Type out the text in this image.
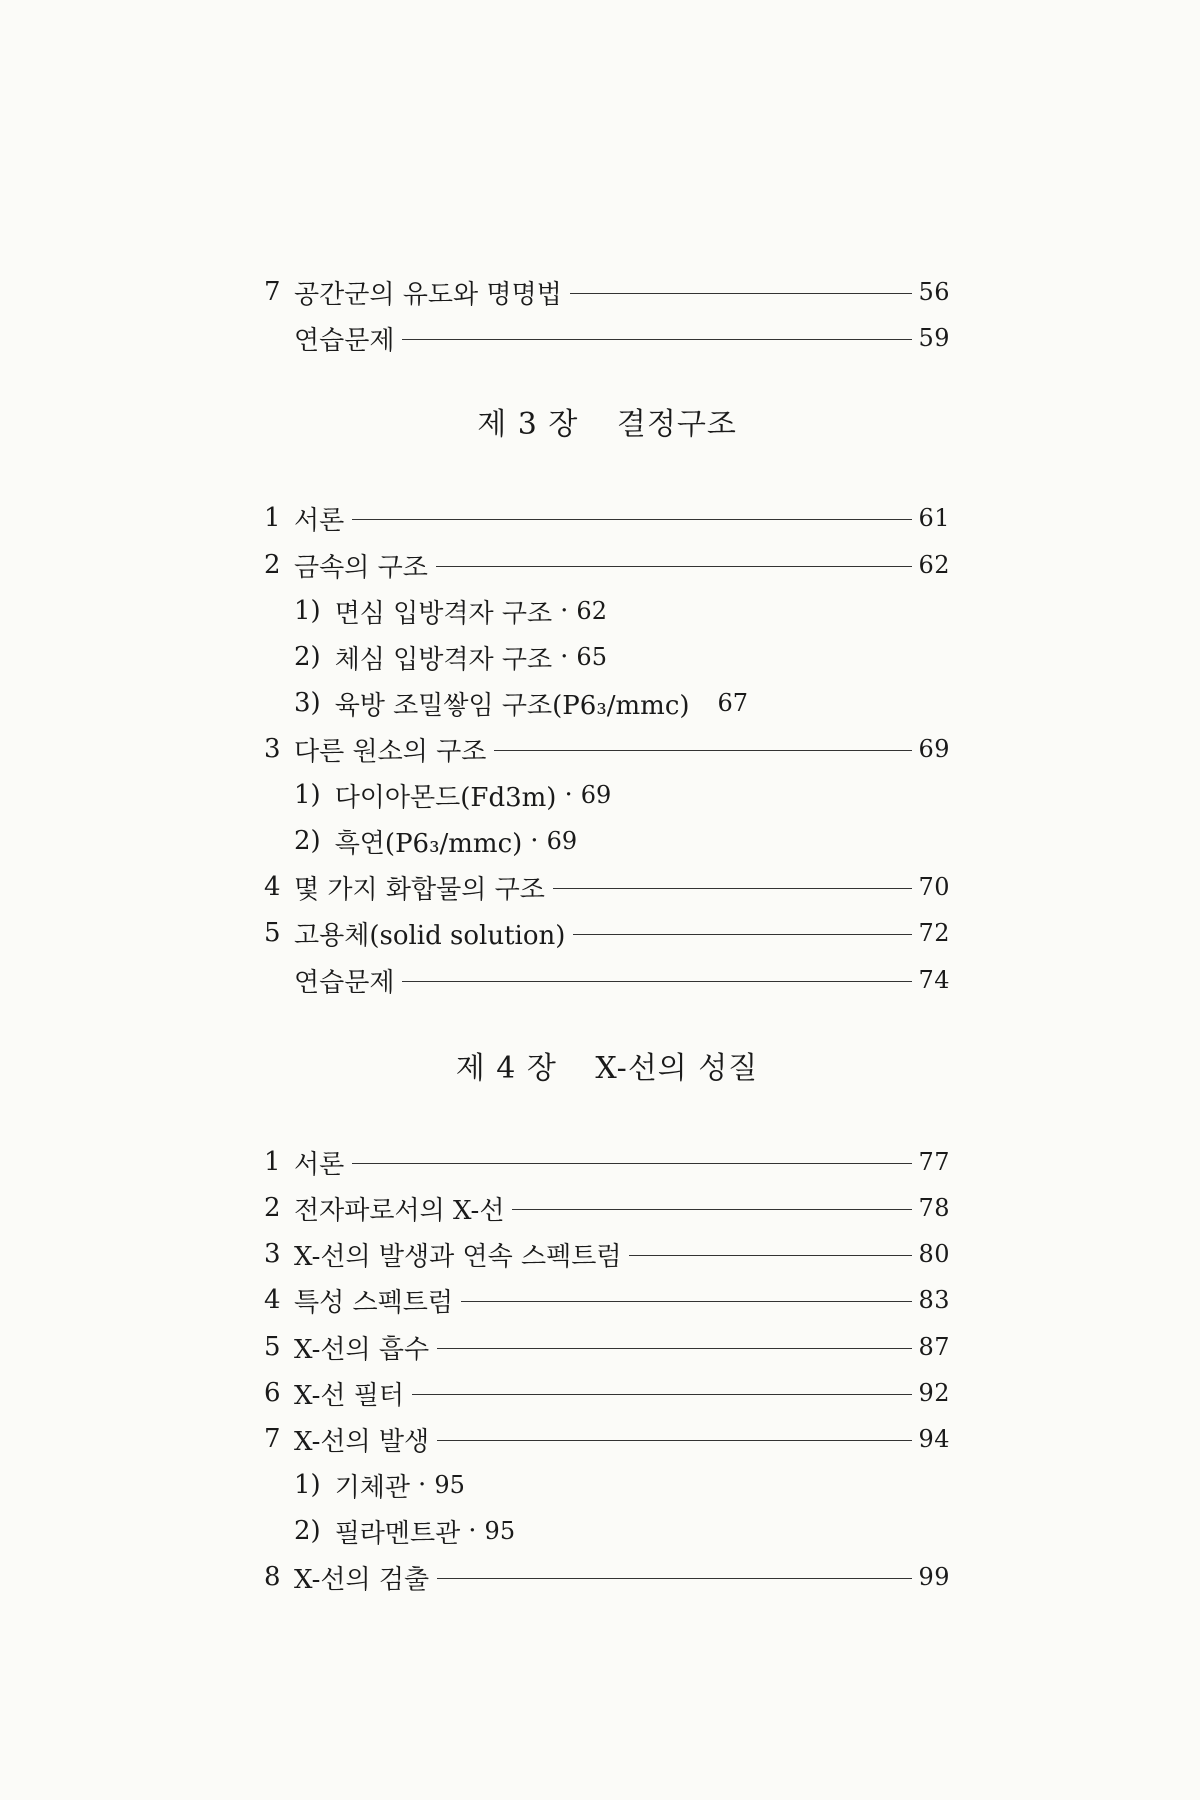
7 공간군의 유도와 명명법	56
연습문제	59
제 3 장 결정구조
1 서론	61
2 금속의 구조	62
1) 면심 입방격자 구조 · 62
2) 체심 입방격자 구조 · 65
3) 육방 조밀쌓임 구조(P6₃/mmc) 67
3 다른 원소의 구조	69
1) 다이아몬드(Fd3m) · 69
2) 흑연(P6₃/mmc) · 69
4 몇 가지 화합물의 구조	70
5 고용체(solid solution)	72
연습문제	74
제 4 장 X-선의 성질
1 서론	77
2 전자파로서의 X-선	78
3 X-선의 발생과 연속 스펙트럼	80
4 특성 스펙트럼	83
5 X-선의 흡수	87
6 X-선 필터	92
7 X-선의 발생	94
1) 기체관 · 95
2) 필라멘트관 · 95
8 X-선의 검출	99
